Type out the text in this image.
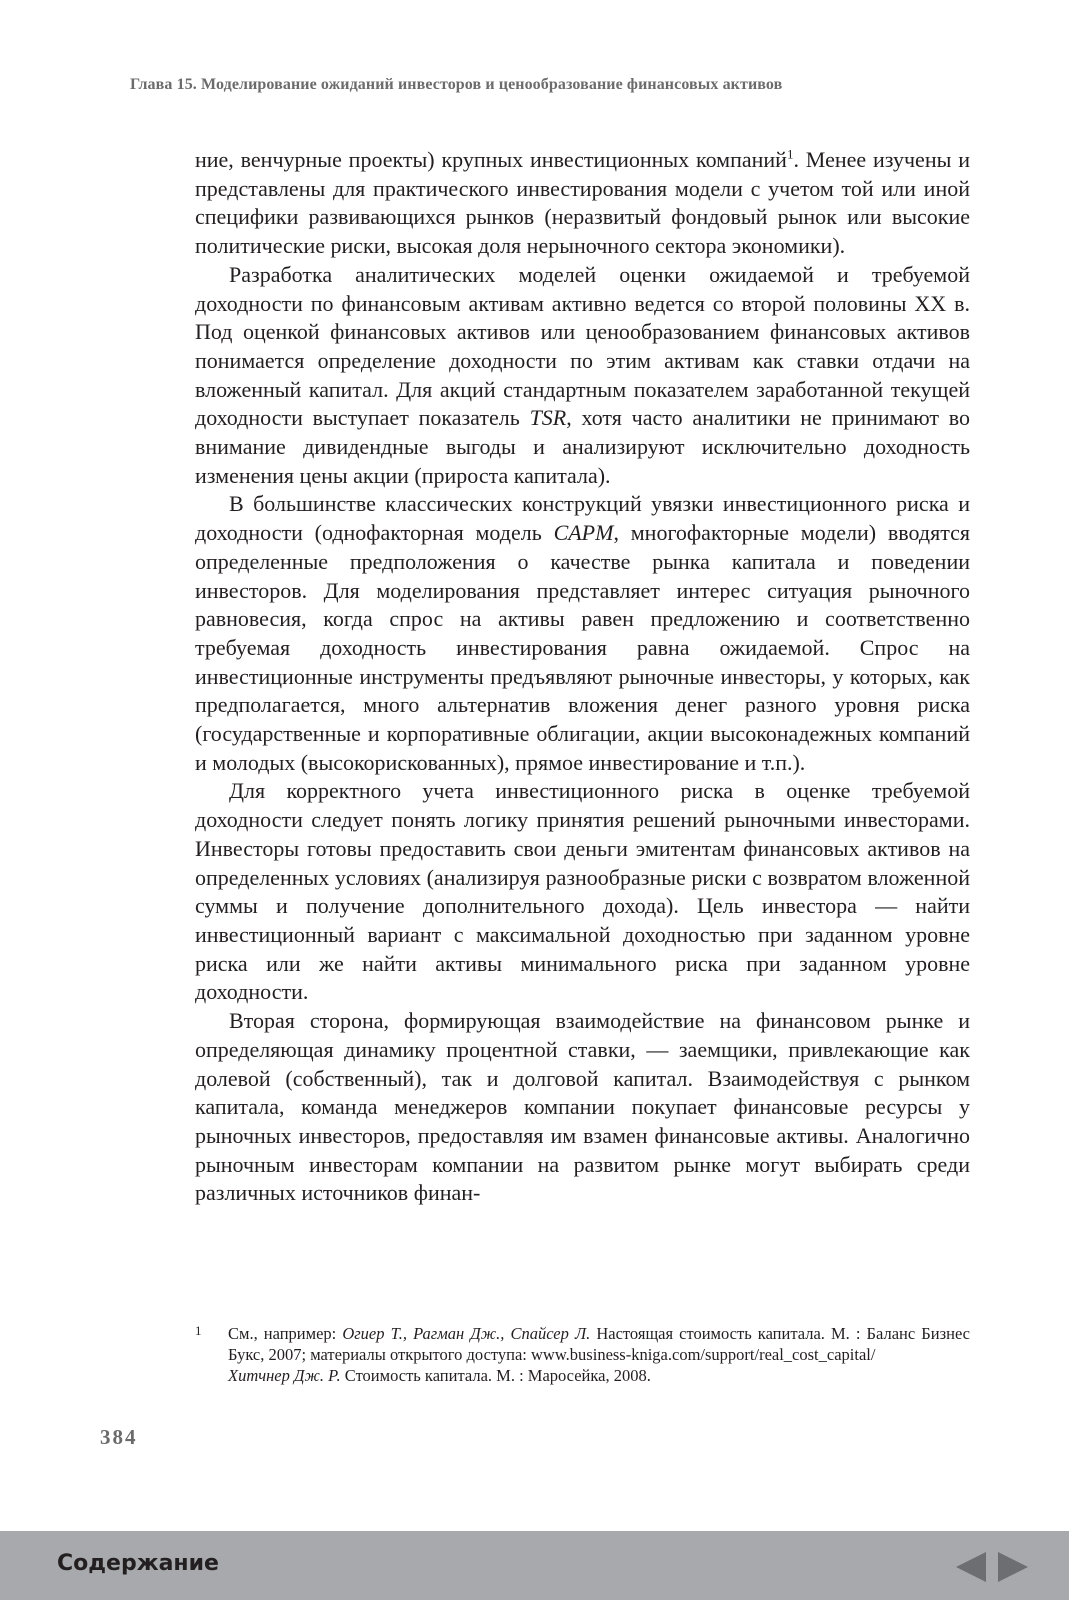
Глава 15. Моделирование ожиданий инвесторов и ценообразование финансовых активов

ние, венчурные проекты) крупных инвестиционных компаний$^1$. Менее изучены и представлены для практического инвестирования модели с учетом той или иной специфики развивающихся рынков (неразвитый фондовый рынок или высокие политические риски, высокая доля нерыночного сектора экономики).

Разработка аналитических моделей оценки ожидаемой и требуемой доходности по финансовым активам активно ведется со второй половины XX в. Под оценкой финансовых активов или ценообразованием финансовых активов понимается определение доходности по этим активам как ставки отдачи на вложенный капитал. Для акций стандартным показателем заработанной текущей доходности выступает показатель TSR, хотя часто аналитики не принимают во внимание дивидендные выгоды и анализируют исключительно доходность изменения цены акции (прироста капитала).

В большинстве классических конструкций увязки инвестиционного риска и доходности (однофакторная модель CAPM, многофакторные модели) вводятся определенные предположения о качестве рынка капитала и поведении инвесторов. Для моделирования представляет интерес ситуация рыночного равновесия, когда спрос на активы равен предложению и соответственно требуемая доходность инвестирования равна ожидаемой. Спрос на инвестиционные инструменты предъявляют рыночные инвесторы, у которых, как предполагается, много альтернатив вложения денег разного уровня риска (государственные и корпоративные облигации, акции высоконадежных компаний и молодых (высокорискованных), прямое инвестирование и т.п.).

Для корректного учета инвестиционного риска в оценке требуемой доходности следует понять логику принятия решений рыночными инвесторами. Инвесторы готовы предоставить свои деньги эмитентам финансовых активов на определенных условиях (анализируя разнообразные риски с возвратом вложенной суммы и получение дополнительного дохода). Цель инвестора — найти инвестиционный вариант с максимальной доходностью при заданном уровне риска или же найти активы минимального риска при заданном уровне доходности.

Вторая сторона, формирующая взаимодействие на финансовом рынке и определяющая динамику процентной ставки, — заемщики, привлекающие как долевой (собственный), так и долговой капитал. Взаимодействуя с рынком капитала, команда менеджеров компании покупает финансовые ресурсы у рыночных инвесторов, предоставляя им взамен финансовые активы. Аналогично рыночным инвесторам компании на развитом рынке могут выбирать среди различных источников финан-

1 См., например: Огиер Т., Рагман Дж., Спайсер Л. Настоящая стоимость капитала. М. : Баланс Бизнес Букс, 2007; материалы открытого доступа: www.business-kniga.com/support/real_cost_capital/

Хитчнер Дж. Р. Стоимость капитала. М. : Маросейка, 2008.

384
Содержание
